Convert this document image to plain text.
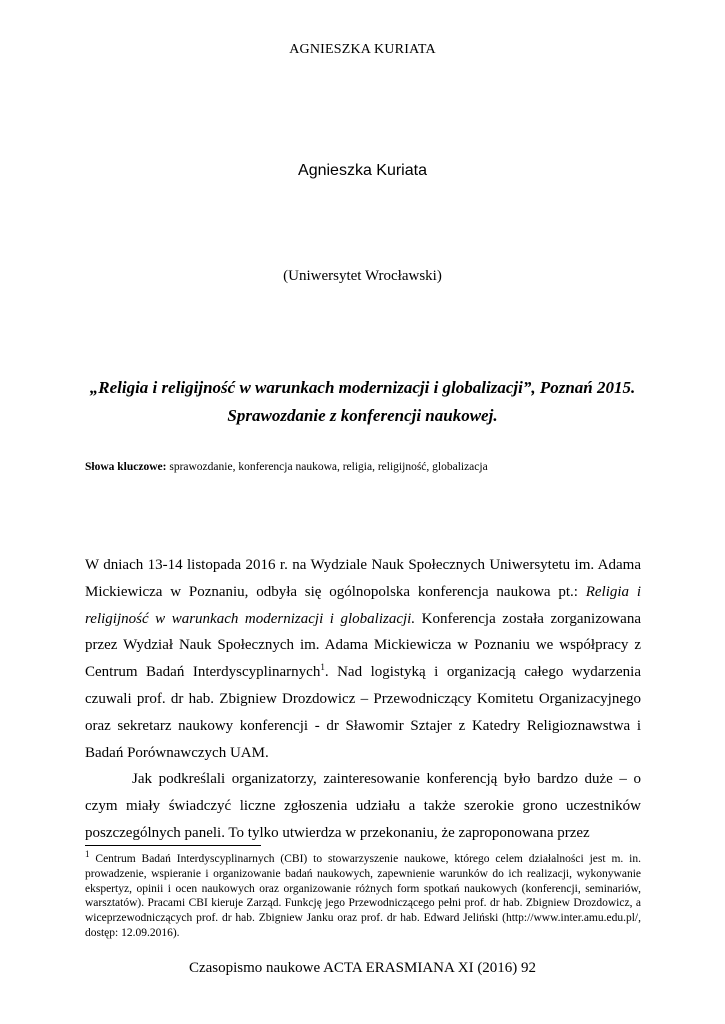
AGNIESZKA KURIATA
Agnieszka Kuriata
(Uniwersytet Wrocławski)
„Religia i religijność w warunkach modernizacji i globalizacji”, Poznań 2015.
Sprawozdanie z konferencji naukowej.
Słowa kluczowe: sprawozdanie, konferencja naukowa, religia, religijność, globalizacja

W dniach 13-14 listopada 2016 r. na Wydziale Nauk Społecznych Uniwersytetu im. Adama Mickiewicza w Poznaniu, odbyła się ogólnopolska konferencja naukowa pt.: Religia i religijność w warunkach modernizacji i globalizacji. Konferencja została zorganizowana przez Wydział Nauk Społecznych im. Adama Mickiewicza w Poznaniu we współpracy z Centrum Badań Interdyscyplinarnych$^1$. Nad logistyką i organizacją całego wydarzenia czuwali prof. dr hab. Zbigniew Drozdowicz – Przewodniczący Komitetu Organizacyjnego oraz sekretarz naukowy konferencji - dr Sławomir Sztajer z Katedry Religioznawstwa i Badań Porównawczych UAM.

Jak podkreślali organizatorzy, zainteresowanie konferencją było bardzo duże – o czym miały świadczyć liczne zgłoszenia udziału a także szerokie grono uczestników poszczególnych paneli. To tylko utwierdza w przekonaniu, że zaproponowana przez

$^1$ Centrum Badań Interdyscyplinarnych (CBI) to stowarzyszenie naukowe, którego celem działalności jest m. in. prowadzenie, wspieranie i organizowanie badań naukowych, zapewnienie warunków do ich realizacji, wykonywanie ekspertyz, opinii i ocen naukowych oraz organizowanie różnych form spotkań naukowych (konferencji, seminariów, warsztatów). Pracami CBI kieruje Zarząd. Funkcję jego Przewodniczącego pełni prof. dr hab. Zbigniew Drozdowicz, a wiceprzewodniczących prof. dr hab. Zbigniew Janku oraz prof. dr hab. Edward Jeliński (http://www.inter.amu.edu.pl/, dostęp: 12.09.2016).
Czasopismo naukowe ACTA ERASMIANA XI (2016) 92
